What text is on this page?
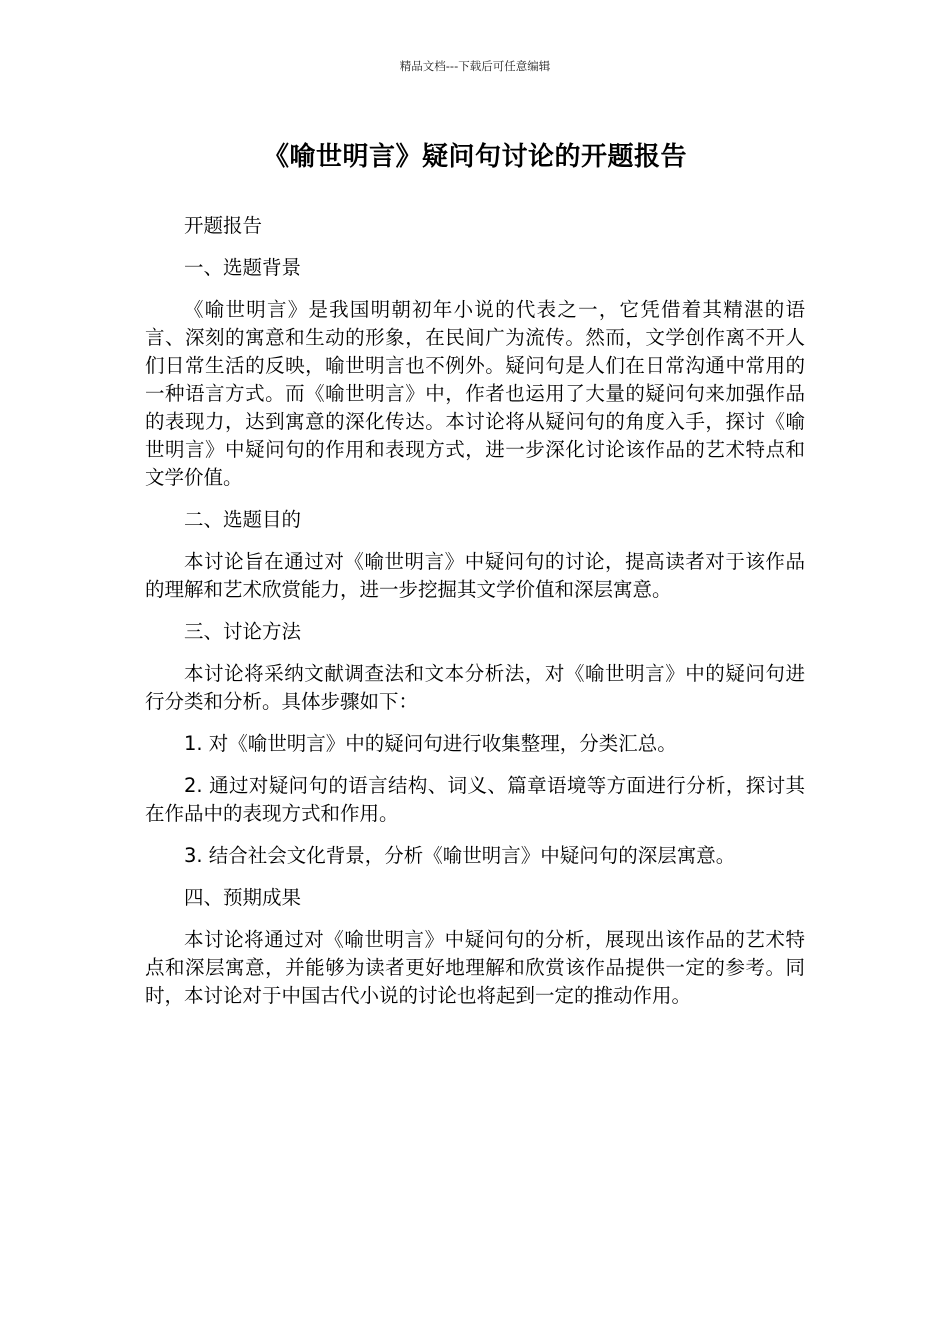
精品文档---下载后可任意编辑
《喻世明言》疑问句讨论的开题报告

开题报告

一、选题背景

《喻世明言》是我国明朝初年小说的代表之一，它凭借着其精湛的语言、深刻的寓意和生动的形象，在民间广为流传。然而，文学创作离不开人们日常生活的反映，喻世明言也不例外。疑问句是人们在日常沟通中常用的一种语言方式。而《喻世明言》中，作者也运用了大量的疑问句来加强作品的表现力，达到寓意的深化传达。本讨论将从疑问句的角度入手，探讨《喻世明言》中疑问句的作用和表现方式，进一步深化讨论该作品的艺术特点和文学价值。

二、选题目的

本讨论旨在通过对《喻世明言》中疑问句的讨论，提高读者对于该作品的理解和艺术欣赏能力，进一步挖掘其文学价值和深层寓意。

三、讨论方法

本讨论将采纳文献调查法和文本分析法，对《喻世明言》中的疑问句进行分类和分析。具体步骤如下：

1. 对《喻世明言》中的疑问句进行收集整理，分类汇总。

2. 通过对疑问句的语言结构、词义、篇章语境等方面进行分析，探讨其在作品中的表现方式和作用。

3. 结合社会文化背景，分析《喻世明言》中疑问句的深层寓意。

四、预期成果

本讨论将通过对《喻世明言》中疑问句的分析，展现出该作品的艺术特点和深层寓意，并能够为读者更好地理解和欣赏该作品提供一定的参考。同时，本讨论对于中国古代小说的讨论也将起到一定的推动作用。
